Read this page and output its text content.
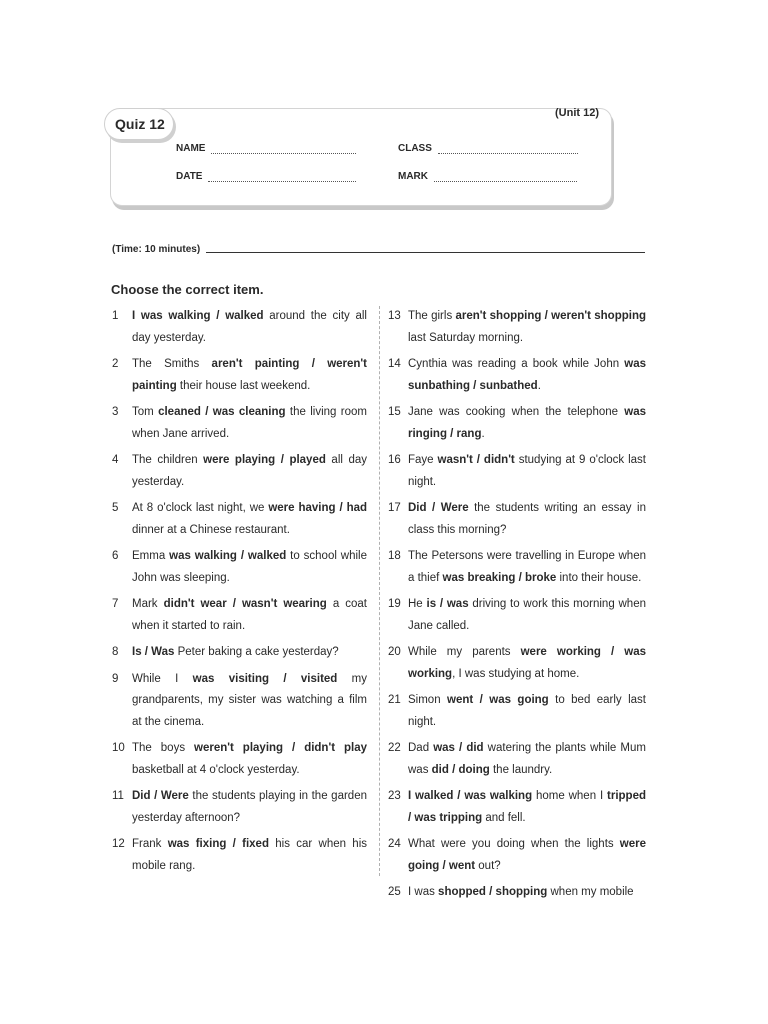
Quiz 12
(Unit 12)
NAME	CLASS
DATE	MARK
(Time: 10 minutes)
Choose the correct item.
1	I was walking / walked around the city all day yesterday.
2	The Smiths aren't painting / weren't painting their house last weekend.
3	Tom cleaned / was cleaning the living room when Jane arrived.
4	The children were playing / played all day yesterday.
5	At 8 o'clock last night, we were having / had dinner at a Chinese restaurant.
6	Emma was walking / walked to school while John was sleeping.
7	Mark didn't wear / wasn't wearing a coat when it started to rain.
8	Is / Was Peter baking a cake yesterday?
9	While I was visiting / visited my grandparents, my sister was watching a film at the cinema.
10 The boys weren't playing / didn't play basketball at 4 o'clock yesterday.
11 Did / Were the students playing in the garden yesterday afternoon?
12 Frank was fixing / fixed his car when his mobile rang.
13 The girls aren't shopping / weren't shopping last Saturday morning.
14 Cynthia was reading a book while John was sunbathing / sunbathed.
15 Jane was cooking when the telephone was ringing / rang.
16 Faye wasn't / didn't studying at 9 o'clock last night.
17 Did / Were the students writing an essay in class this morning?
18 The Petersons were travelling in Europe when a thief was breaking / broke into their house.
19 He is / was driving to work this morning when Jane called.
20 While my parents were working / was working, I was studying at home.
21 Simon went / was going to bed early last night.
22 Dad was / did watering the plants while Mum was did / doing the laundry.
23 I walked / was walking home when I tripped / was tripping and fell.
24 What were you doing when the lights were going / went out?
25 I was shopped / shopping when my mobile
